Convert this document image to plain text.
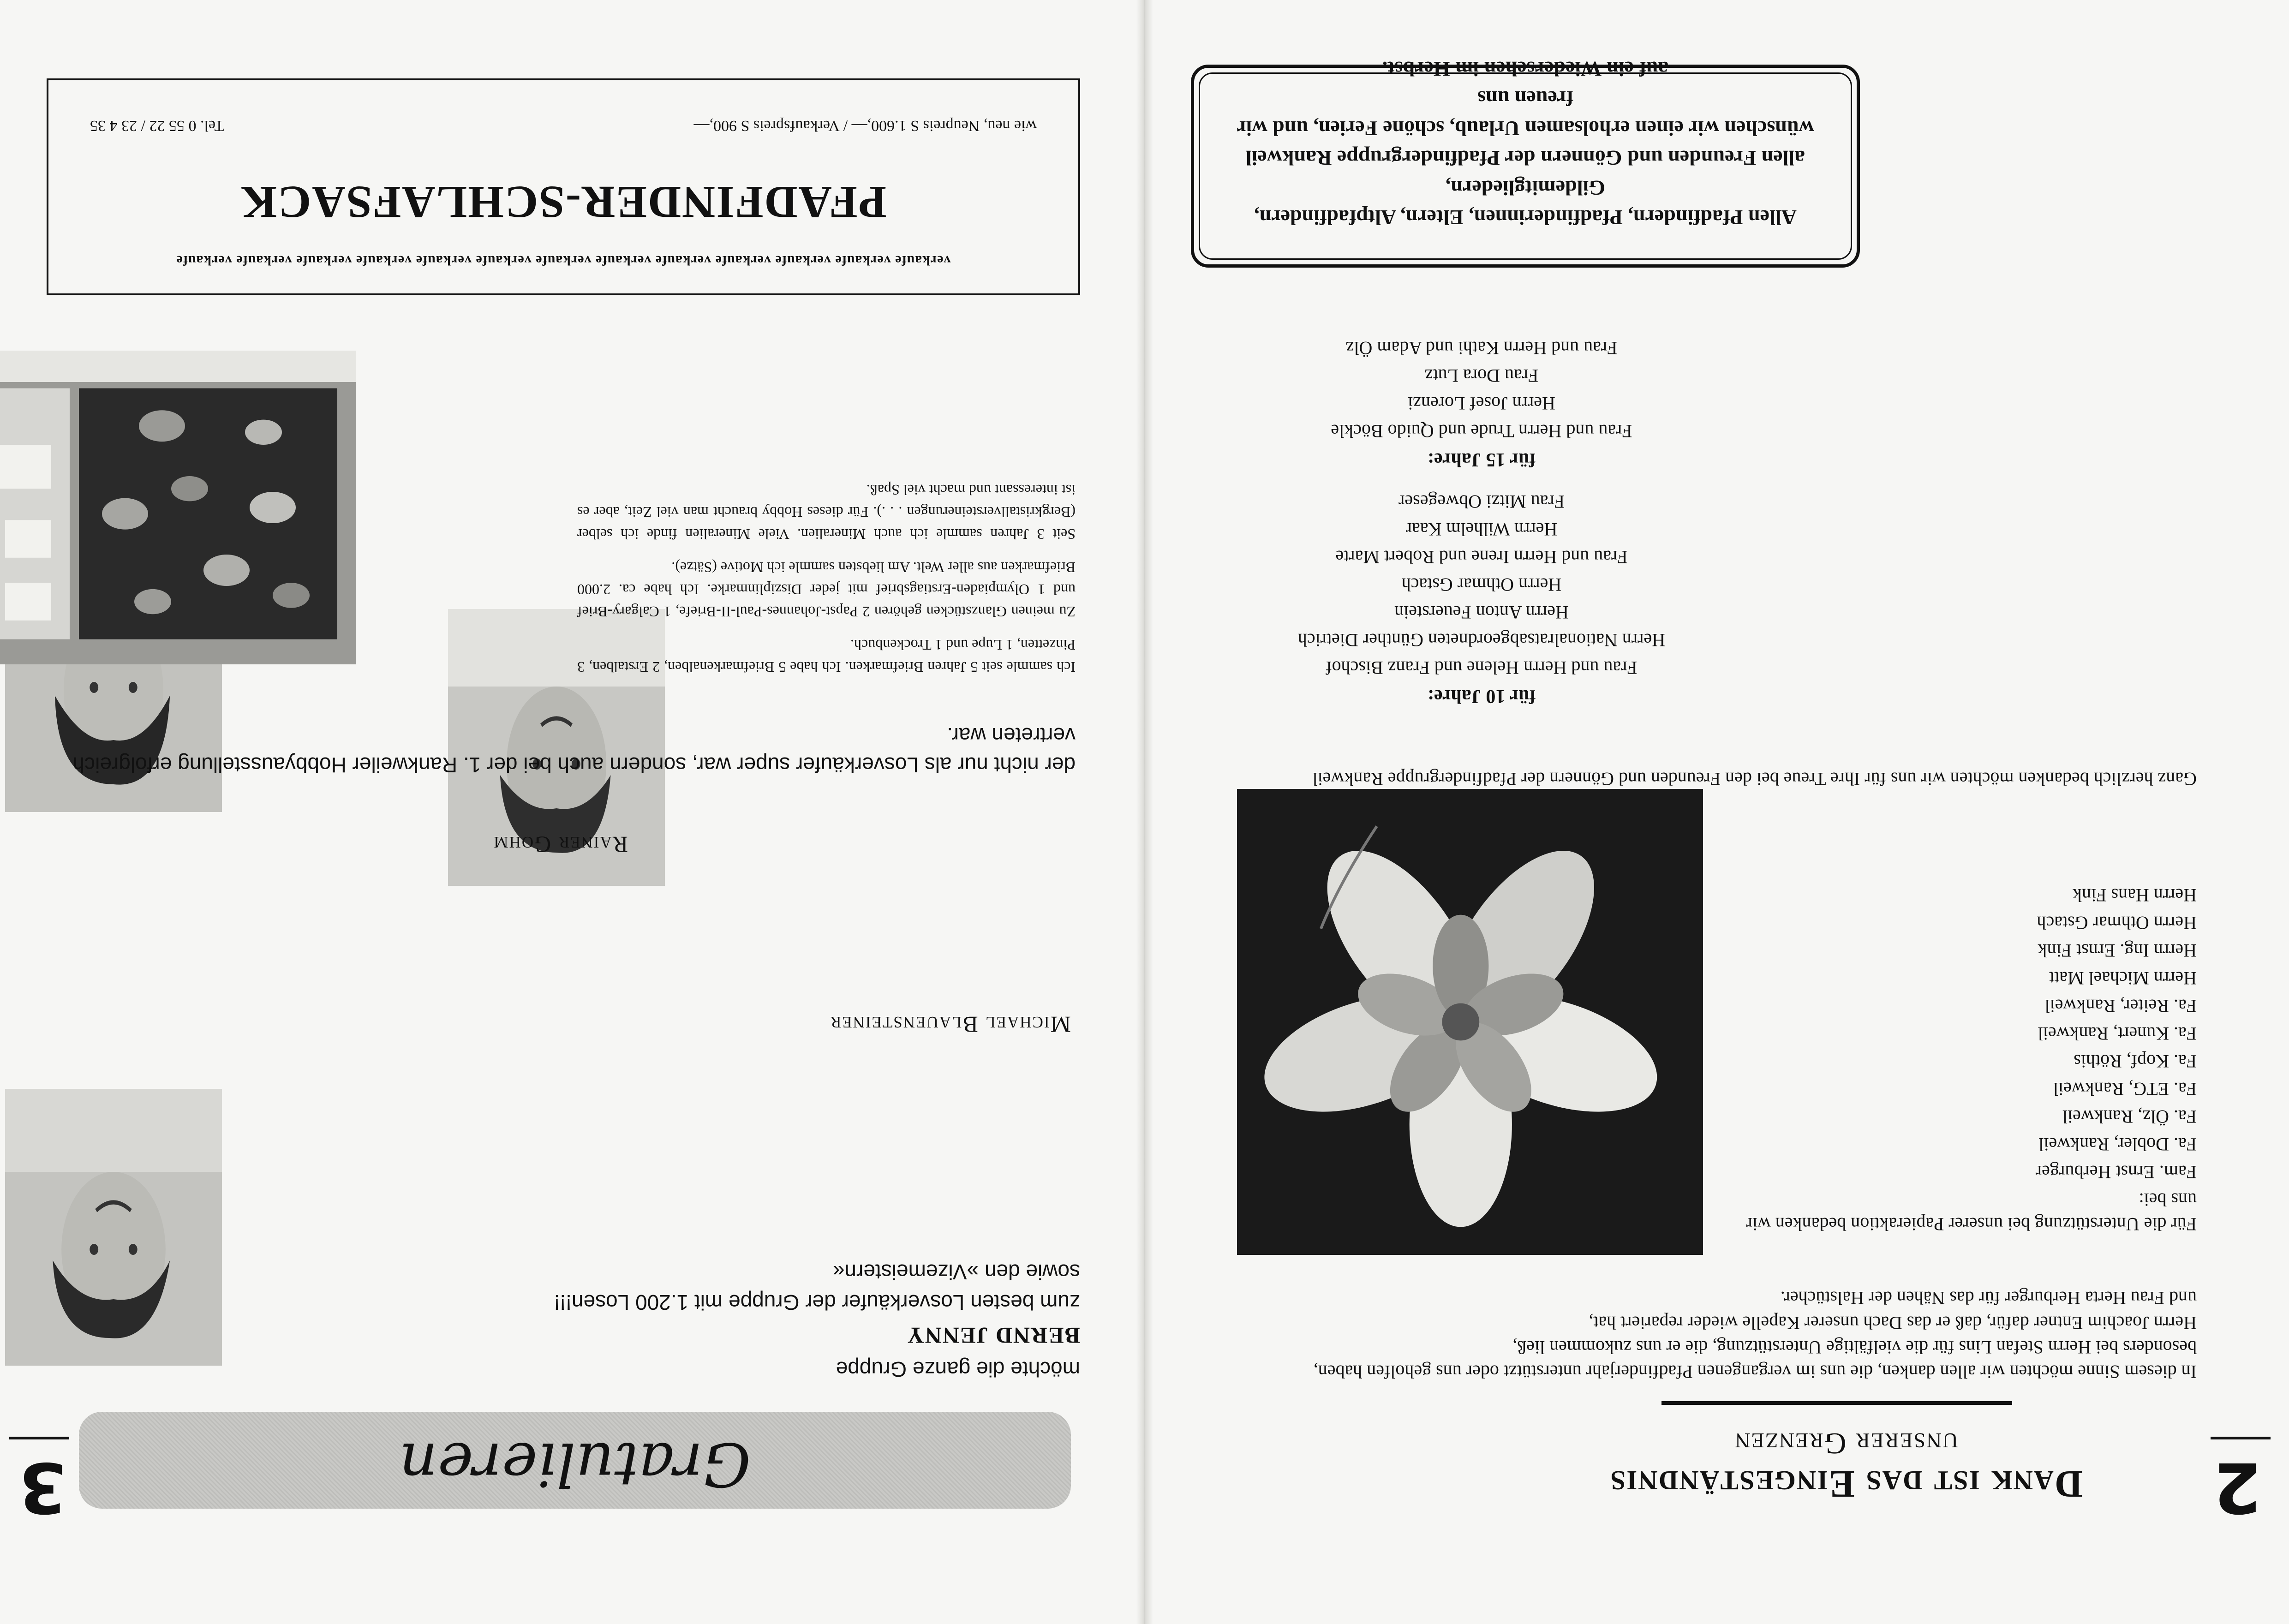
2
Dank ist das Eingeständnis
unserer Grenzen

In diesem Sinne möchten wir allen danken, die uns im vergangenen Pfadfinderjahr unterstützt oder uns geholfen haben,

besonders bei Herrn Stefan Lins für die vielfältige Unterstützung, die er uns zukommen ließ,

Herrn Joachim Entner dafür, daß er das Dach unserer Kapelle wieder repariert hat,

und Frau Herta Herburger für das Nähen der Halstücher.

Für die Unterstützung bei unserer Papieraktion bedanken wir uns bei:
Fam. Ernst Herburger
Fa. Dobler, Rankweil
Fa. Ölz, Rankweil
Fa. ETG, Rankweil
Fa. Kopf, Röthis
Fa. Kunert, Rankweil
Fa. Reiter, Rankweil
Herrn Michael Matt
Herrn Ing. Ernst Fink
Herrn Othmar Gstach
Herrn Hans Fink
Ganz herzlich bedanken möchten wir uns für Ihre Treue bei den Freunden und Gönnern der Pfadfindergruppe Rankweil
für 10 Jahre:
Frau und Herrn Helene und Franz Bischof
Herrn Nationalratsabgeordneten Günther Dietrich
Herrn Anton Feuerstein
Herrn Othmar Gstach
Frau und Herrn Irene und Robert Marte
Herrn Wilhelm Kaar
Frau Mitzi Obwegeser
für 15 Jahre:
Frau und Herrn Trude und Quido Böckle
Herrn Josef Lorenzi
Frau Dora Lutz
Frau und Herrn Kathi und Adam Ölz
Allen Pfadfindern, Pfadfinderinnen, Eltern, Altpfadfindern, Gildemitgliedern,
allen Freunden und Gönnern der Pfadfindergruppe Rankweil
wünschen wir einen erholsamen Urlaub, schöne Ferien, und wir freuen uns
auf ein Wiedersehen im Herbst.
3	Gratulieren
möchte die ganze Gruppe
BERND JENNY
zum besten Losverkäufer der Gruppe mit 1.200 Losen!!!
sowie den »Vizemeistern«
Michael Blauensteiner
Rainer Gohm
der nicht nur als Losverkäufer super war, sondern auch bei der 1. Rankweiler Hobbyausstellung erfolgreich vertreten war.

Ich sammle seit 5 Jahren Briefmarken. Ich habe 5 Briefmarkenalben, 2 Erstalben, 3 Pinzetten, 1 Lupe und 1 Trockenbuch.

Zu meinen Glanzstücken gehören 2 Papst-Johannes-Paul-II-Briefe, 1 Calgary-Brief und 1 Olympiaden-Erstiagsbrief mit jeder Disziplinmarke. Ich habe ca. 2.000 Briefmarken aus aller Welt. Am liebsten sammle ich Motive (Sätze).

Seit 3 Jahren sammle ich auch Mineralien. Viele Mineralien finde ich selber (Bergkristallversteinerungen . . .). Für dieses Hobby braucht man viel Zeit, aber es ist interessant und macht viel Spaß.

verkaufe verkaufe verkaufe verkaufe verkaufe verkaufe verkaufe verkaufe verkaufe verkaufe verkaufe verkaufe verkaufe
PFADFINDER-SCHLAFSACK
wie neu, Neupreis S 1.600,— / Verkaufspreis S 900,—
Tel. 0 55 22 / 23 4 35
